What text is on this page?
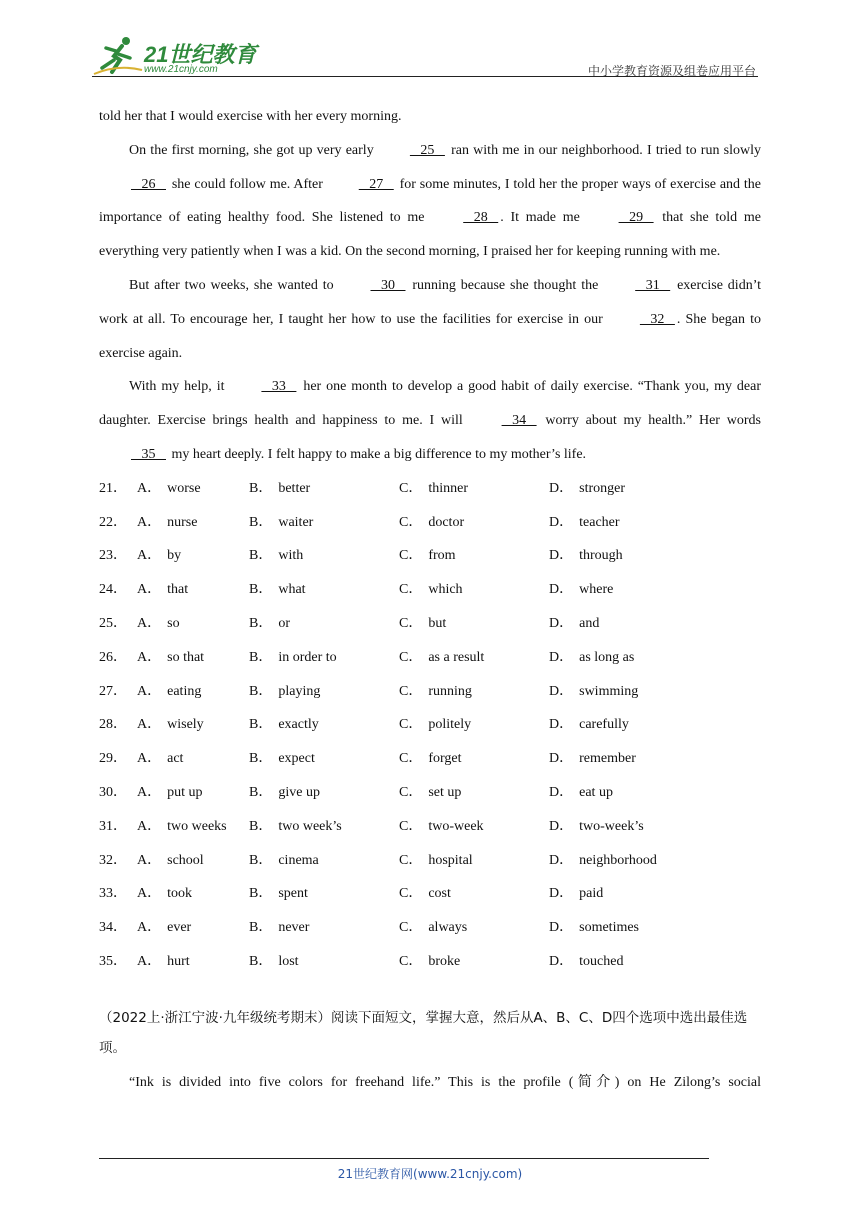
21世纪教育
www.21cnjy.com	中小学教育资源及组卷应用平台

told her that I would exercise with her every morning.

On the first morning, she got up very early    25    ran with me in our neighborhood. I tried to run slowly    26    she could follow me. After    27    for some minutes, I told her the proper ways of exercise and the importance of eating healthy food. She listened to me    28   . It made me    29    that she told me everything very patiently when I was a kid. On the second morning, I praised her for keeping running with me.

But after two weeks, she wanted to    30    running because she thought the    31    exercise didn’t work at all. To encourage her, I taught her how to use the facilities for exercise in our    32   . She began to exercise again.

With my help, it    33    her one month to develop a good habit of daily exercise. “Thank you, my dear daughter. Exercise brings health and happiness to me. I will    34    worry about my health.” Her words    35    my heart deeply. I felt happy to make a big difference to my mother’s life.

21． A． worse	B． better	C． thinner	D． stronger
22． A． nurse	B． waiter	C． doctor	D． teacher
23． A． by	B． with	C． from	D． through
24． A． that	B． what	C． which	D． where
25． A． so	B． or	C． but	D． and
26． A． so that	B． in order to	C． as a result	D． as long as
27． A． eating	B． playing	C． running	D． swimming
28． A． wisely	B． exactly	C． politely	D． carefully
29． A． act	B． expect	C． forget	D． remember
30． A． put up	B． give up	C． set up	D． eat up
31． A． two weeks	B． two week’s	C． two-week	D． two-week’s
32． A． school	B． cinema	C． hospital	D． neighborhood
33． A． took	B． spent	C． cost	D． paid
34． A． ever	B． never	C． always	D． sometimes
35． A． hurt	B． lost	C． broke	D． touched

（2022上·浙江宁波·九年级统考期末）阅读下面短文，掌握大意，然后从A、B、C、D四个选项中选出最佳选项。

“Ink is divided into five colors for freehand life.” This is the profile (简介) on He Zilong’s social

21世纪教育网(www.21cnjy.com)
